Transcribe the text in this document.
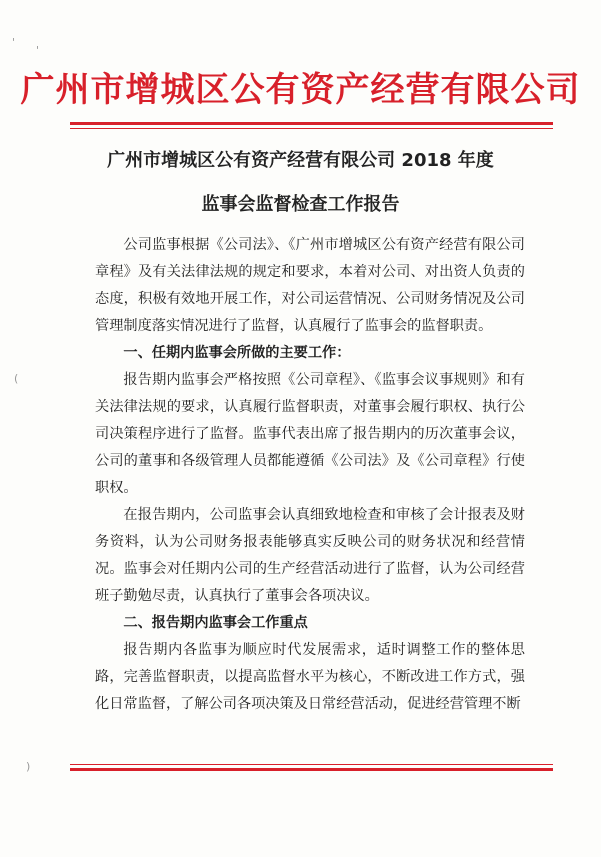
广州市增城区公有资产经营有限公司
广州市增城区公有资产经营有限公司 2018 年度
监事会监督检查工作报告

公司监事根据《公司法》、《广州市增城区公有资产经营有限公司章程》及有关法律法规的规定和要求，本着对公司、对出资人负责的态度，积极有效地开展工作，对公司运营情况、公司财务情况及公司管理制度落实情况进行了监督，认真履行了监事会的监督职责。

一、任期内监事会所做的主要工作：

报告期内监事会严格按照《公司章程》、《监事会议事规则》和有关法律法规的要求，认真履行监督职责，对董事会履行职权、执行公司决策程序进行了监督。监事代表出席了报告期内的历次董事会议，公司的董事和各级管理人员都能遵循《公司法》及《公司章程》行使职权。

在报告期内，公司监事会认真细致地检查和审核了会计报表及财务资料，认为公司财务报表能够真实反映公司的财务状况和经营情况。监事会对任期内公司的生产经营活动进行了监督，认为公司经营班子勤勉尽责，认真执行了董事会各项决议。

二、报告期内监事会工作重点

报告期内各监事为顺应时代发展需求，适时调整工作的整体思路，完善监督职责，以提高监督水平为核心，不断改进工作方式，强化日常监督，了解公司各项决策及日常经营活动，促进经营管理不断

'
'
(
)
